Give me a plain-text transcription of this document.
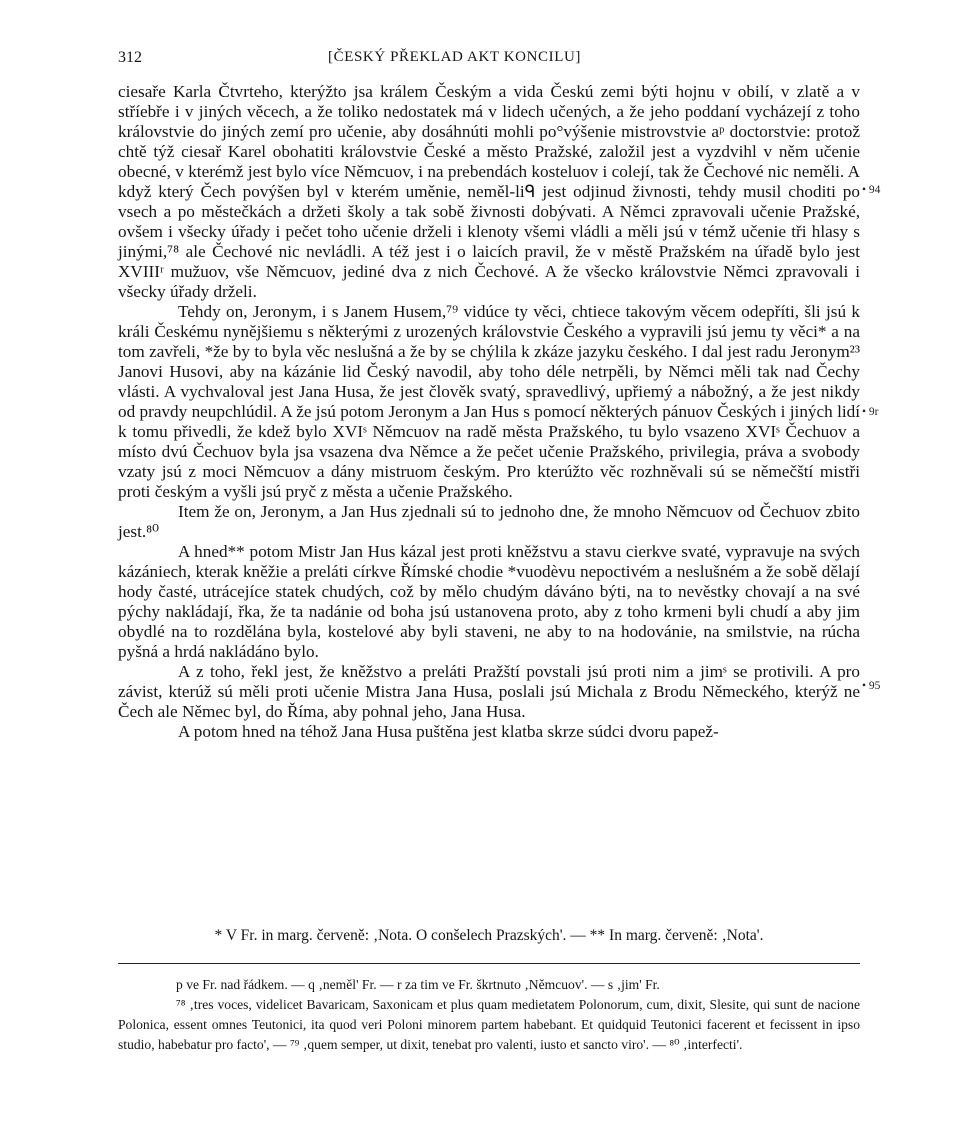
312	[ČESKÝ PŘEKLAD AKT KONCILU]

ciesaře Karla Čtvrteho, kterýžto jsa králem Českým a vida Českú zemi býti hojnu v obilí, v zlatě a v stříebře i v jiných věcech, a že toliko nedostatek má v lidech učených, a že jeho poddaní vycházejí z toho královstvie do jiných zemí pro učenie, aby dosáhnúti mohli po°výšenie mistrovstvie aᵖ doctorstvie: protož chtě týž ciesař Karel obohatiti královstvie České a město Pražské, založil jest a vyzdvihl v něm učenie obecné, v kterémž jest bylo více Němcuov, i na prebendách kosteluov i colejí, tak že Čechové nic neměli. A když který Čech povýšen byl v kterém uměnie, neměl-liᑫ jest odjinud živnosti, tehdy musil choditi po vsech a po městečkách a držeti školy a tak sobě živnosti dobývati. A Němci zpravovali učenie Pražské, ovšem i všecky úřady i pečet toho učenie drželi i klenoty všemi vládli a měli jsú v témž učenie tři hlasy s jinými,⁷⁸ ale Čechové nic nevládli. A též jest i o laicích pravil, že v městě Pražském na úřadě bylo jest XVIIIʳ mužuov, vše Němcuov, jediné dva z nich Čechové. A že všecko královstvie Němci zpravovali i všecky úřady drželi.

Tehdy on, Jeronym, i s Janem Husem,⁷⁹ vidúce ty věci, chtiece takovým věcem odepříti, šli jsú k králi Českému nynějšiemu s některými z urozených královstvie Českého a vypravili jsú jemu ty věci* a na tom zavřeli, *že by to byla věc neslušná a že by se chýlila k zkáze jazyku českého. I dal jest radu Jeronym²³ Janovi Husovi, aby na kázánie lid Český navodil, aby toho déle netrpěli, by Němci měli tak nad Čechy vlásti. A vychvaloval jest Jana Husa, že jest člověk svatý, spravedlivý, upřiemý a nábožný, a že jest nikdy od pravdy neupchlúdil. A že jsú potom Jeronym a Jan Hus s pomocí některých pánuov Českých i jiných lidí k tomu přivedli, že kdež bylo XVIˢ Němcuov na radě města Pražského, tu bylo vsazeno XVIˢ Čechuov a místo dvú Čechuov byla jsa vsazena dva Němce a že pečet učenie Pražského, privilegia, práva a svobody vzaty jsú z moci Němcuov a dány mistruom českým. Pro kterúžto věc rozhněvali sú se němečští mistři proti českým a vyšli jsú pryč z města a učenie Pražského.

Item že on, Jeronym, a Jan Hus zjednali sú to jednoho dne, že mnoho Němcuov od Čechuov zbito jest.⁸⁰

A hned** potom Mistr Jan Hus kázal jest proti kněžstvu a stavu cierkve svaté, vypravuje na svých kázániech, kterak kněžie a preláti církve Římské chodie *vuodèvu nepoctivém a neslušném a že sobě dělají hody časté, utrácejíce statek chudých, což by mělo chudým dáváno býti, na to nevěstky chovají a na své pýchy nakládají, řka, že ta nadánie od boha jsú ustanovena proto, aby z toho krmeni byli chudí a aby jim obydlé na to rozdělána byla, kostelové aby byli staveni, ne aby to na hodovánie, na smilstvie, na rúcha pyšná a hrdá nakládáno bylo.

A z toho, řekl jest, že kněžstvo a preláti Pražští povstali jsú proti nim a jimˢ se protivili. A pro závist, kterúž sú měli proti učenie Mistra Jana Husa, poslali jsú Michala z Brodu Německého, kterýž ne Čech ale Němec byl, do Říma, aby pohnal jeho, Jana Husa.

A potom hned na téhož Jana Husa puštěna jest klatba skrze súdci dvoru papež-

• 94
• 9r
• 95
* V Fr. in marg. červeně: ‚Nota. O conšelech Prazských'. — ** In marg. červeně: ‚Nota'.

p ve Fr. nad řádkem. — q ‚neměl' Fr. — r za tim ve Fr. škrtnuto ‚Němcuov'. — s ‚jim' Fr.

⁷⁸ ‚tres voces, videlicet Bavaricam, Saxonicam et plus quam medietatem Polonorum, cum, dixit, Slesite, qui sunt de nacione Polonica, essent omnes Teutonici, ita quod veri Poloni minorem partem habebant. Et quidquid Teutonici facerent et fecissent in ipso studio, habebatur pro facto', — ⁷⁹ ‚quem semper, ut dixit, tenebat pro valenti, iusto et sancto viro'. — ⁸⁰ ‚interfecti'.
